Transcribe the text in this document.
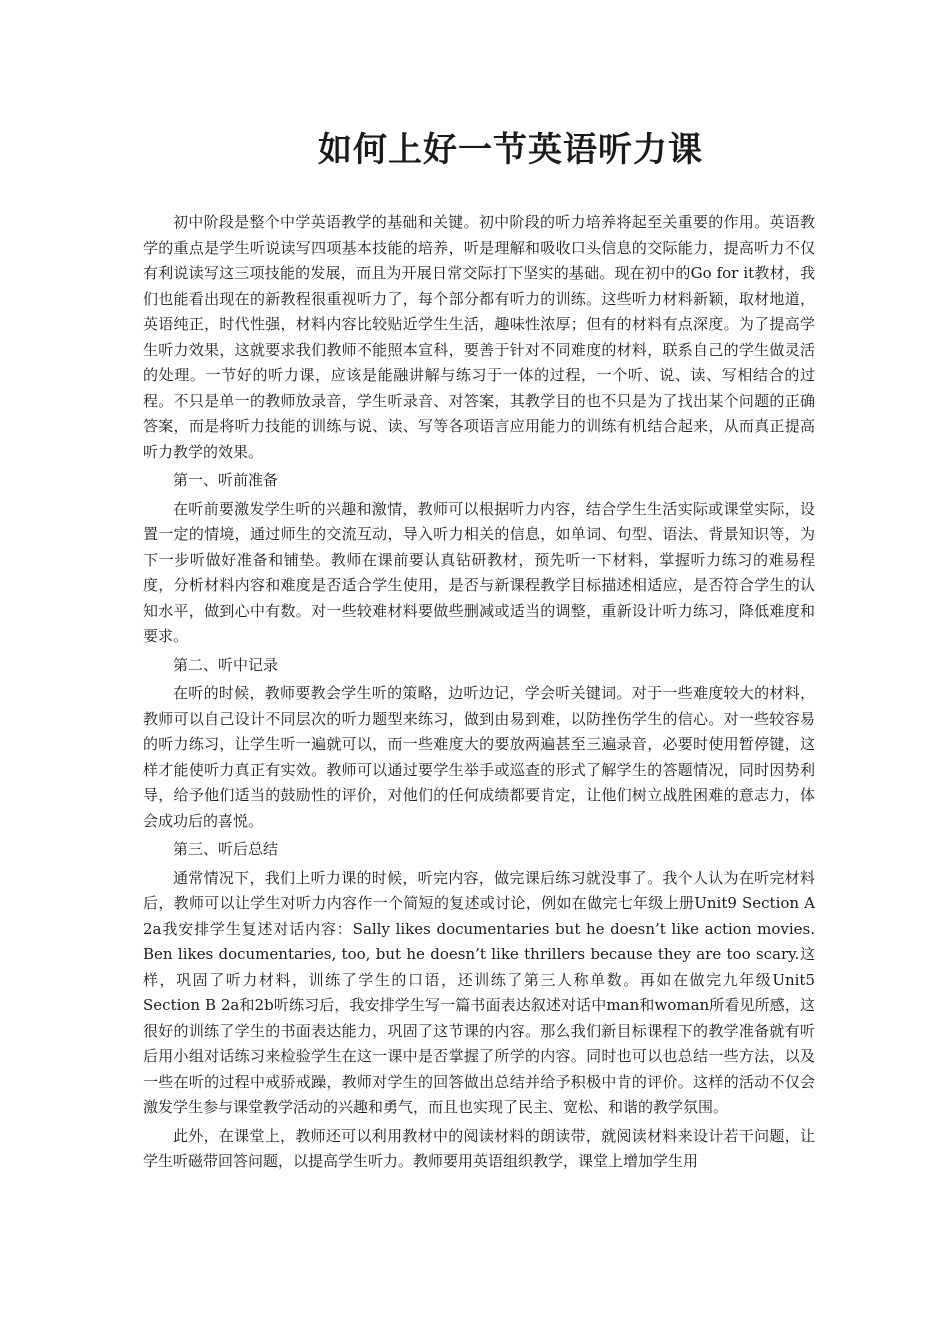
如何上好一节英语听力课

初中阶段是整个中学英语教学的基础和关键。初中阶段的听力培养将起至关重要的作用。英语教学的重点是学生听说读写四项基本技能的培养，听是理解和吸收口头信息的交际能力，提高听力不仅有利说读写这三项技能的发展，而且为开展日常交际打下坚实的基础。现在初中的Go for it教材，我们也能看出现在的新教程很重视听力了，每个部分都有听力的训练。这些听力材料新颖，取材地道，英语纯正，时代性强，材料内容比较贴近学生生活，趣味性浓厚；但有的材料有点深度。为了提高学生听力效果，这就要求我们教师不能照本宣科，要善于针对不同难度的材料，联系自己的学生做灵活的处理。一节好的听力课，应该是能融讲解与练习于一体的过程，一个听、说、读、写相结合的过程。不只是单一的教师放录音，学生听录音、对答案，其教学目的也不只是为了找出某个问题的正确答案，而是将听力技能的训练与说、读、写等各项语言应用能力的训练有机结合起来，从而真正提高听力教学的效果。

第一、听前准备

在听前要激发学生听的兴趣和激情，教师可以根据听力内容，结合学生生活实际或课堂实际，设置一定的情境，通过师生的交流互动，导入听力相关的信息，如单词、句型、语法、背景知识等，为下一步听做好准备和铺垫。教师在课前要认真钻研教材，预先听一下材料，掌握听力练习的难易程度，分析材料内容和难度是否适合学生使用，是否与新课程教学目标描述相适应，是否符合学生的认知水平，做到心中有数。对一些较难材料要做些删减或适当的调整，重新设计听力练习，降低难度和要求。

第二、听中记录

在听的时候，教师要教会学生听的策略，边听边记，学会听关键词。对于一些难度较大的材料，教师可以自己设计不同层次的听力题型来练习，做到由易到难，以防挫伤学生的信心。对一些较容易的听力练习，让学生听一遍就可以，而一些难度大的要放两遍甚至三遍录音，必要时使用暂停键，这样才能使听力真正有实效。教师可以通过要学生举手或巡查的形式了解学生的答题情况，同时因势利导，给予他们适当的鼓励性的评价，对他们的任何成绩都要肯定，让他们树立战胜困难的意志力，体会成功后的喜悦。

第三、听后总结

通常情况下，我们上听力课的时候，听完内容，做完课后练习就没事了。我个人认为在听完材料后，教师可以让学生对听力内容作一个简短的复述或讨论，例如在做完七年级上册Unit9 Section A 2a我安排学生复述对话内容：Sally likes documentaries but he doesn’t like action movies. Ben likes documentaries, too, but he doesn’t like thrillers because they are too scary.这样，巩固了听力材料，训练了学生的口语，还训练了第三人称单数。再如在做完九年级Unit5 Section B 2a和2b听练习后，我安排学生写一篇书面表达叙述对话中man和woman所看见所感，这很好的训练了学生的书面表达能力，巩固了这节课的内容。那么我们新目标课程下的教学准备就有听后用小组对话练习来检验学生在这一课中是否掌握了所学的内容。同时也可以也总结一些方法，以及一些在听的过程中戒骄戒躁，教师对学生的回答做出总结并给予积极中肯的评价。这样的活动不仅会激发学生参与课堂教学活动的兴趣和勇气，而且也实现了民主、宽松、和谐的教学氛围。

此外，在课堂上，教师还可以利用教材中的阅读材料的朗读带，就阅读材料来设计若干问题，让学生听磁带回答问题，以提高学生听力。教师要用英语组织教学，课堂上增加学生用
